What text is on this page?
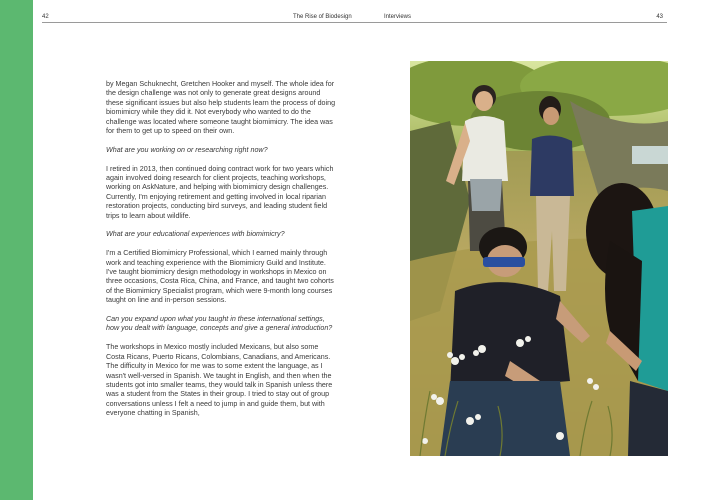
42	The Rise of Biodesign	Interviews	43

by Megan Schuknecht, Gretchen Hooker and myself. The whole idea for the design challenge was not only to generate great designs around these significant issues but also help students learn the process of doing biomimicry while they did it. Not everybody who wanted to do the challenge was located where someone taught biomimicry. The idea was for them to get up to speed on their own.

What are you working on or researching right now?

I retired in 2013, then continued doing contract work for two years which again involved doing research for client projects, teaching workshops, working on AskNature, and helping with biomimicry design challenges. Currently, I'm enjoying retirement and getting involved in local riparian restoration projects, conducting bird surveys, and leading student field trips to learn about wildlife.

What are your educational experiences with biomimicry?

I'm a Certified Biomimicry Professional, which I earned mainly through work and teaching experience with the Biomimicry Guild and Institute. I've taught biomimicry design methodology in workshops in Mexico on three occasions, Costa Rica, China, and France, and taught two cohorts of the Biomimicry Specialist program, which were 9-month long courses taught on line and in-person sessions.

Can you expand upon what you taught in these international settings, how you dealt with language, concepts and give a general introduction?

The workshops in Mexico mostly included Mexicans, but also some Costa Ricans, Puerto Ricans, Colombians, Canadians, and Americans. The difficulty in Mexico for me was to some extent the language, as I wasn't well-versed in Spanish. We taught in English, and then when the students got into smaller teams, they would talk in Spanish unless there was a student from the States in their group. I tried to stay out of group conversations unless I felt a need to jump in and guide them, but with everyone chatting in Spanish,
